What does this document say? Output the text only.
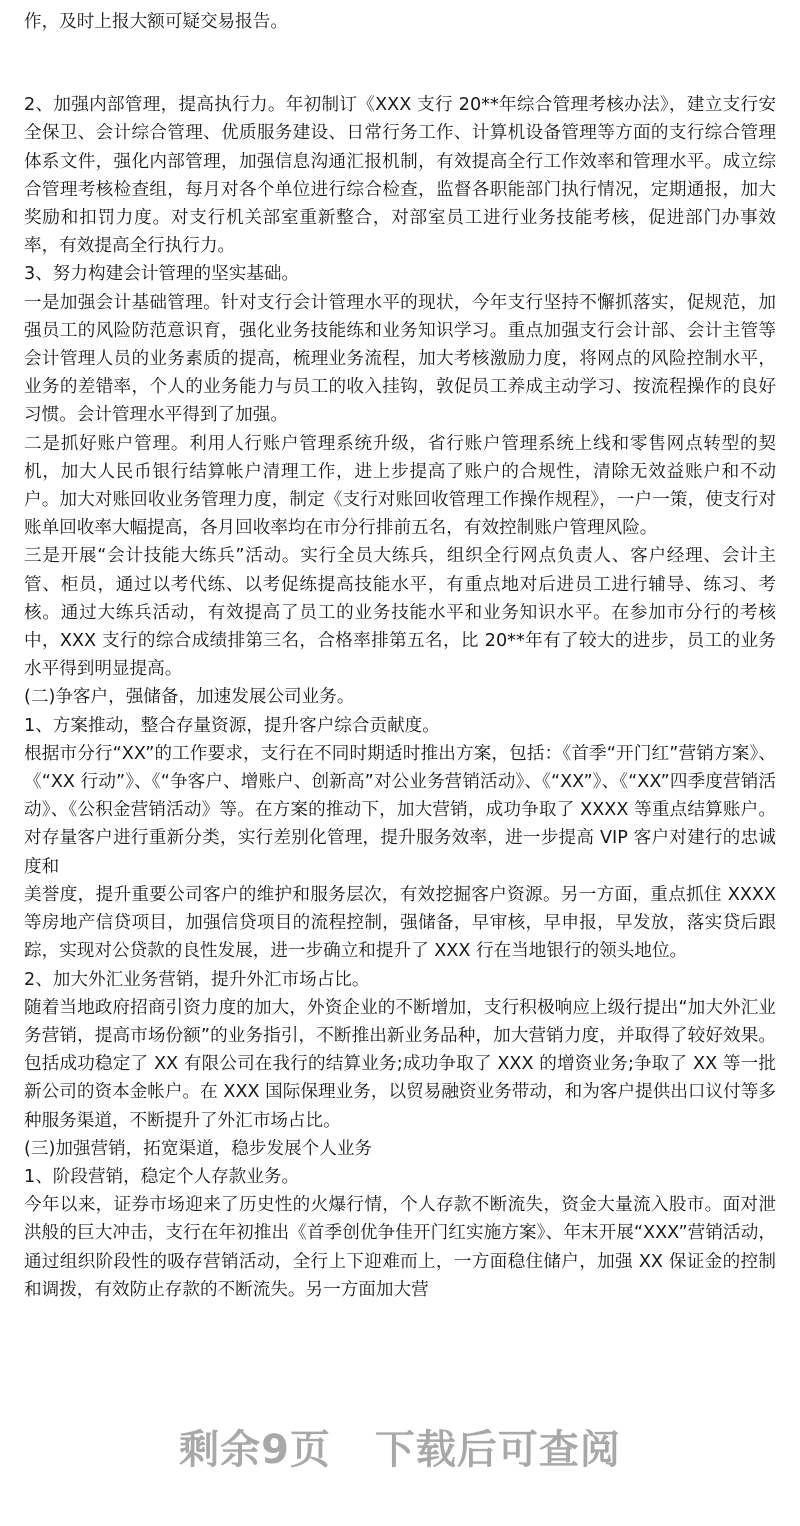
作，及时上报大额可疑交易报告。

2、加强内部管理，提高执行力。年初制订《XXX 支行 20**年综合管理考核办法》，建立支行安全保卫、会计综合管理、优质服务建设、日常行务工作、计算机设备管理等方面的支行综合管理体系文件，强化内部管理，加强信息沟通汇报机制，有效提高全行工作效率和管理水平。成立综合管理考核检查组，每月对各个单位进行综合检查，监督各职能部门执行情况，定期通报，加大奖励和扣罚力度。对支行机关部室重新整合，对部室员工进行业务技能考核，促进部门办事效率，有效提高全行执行力。

3、努力构建会计管理的坚实基础。

一是加强会计基础管理。针对支行会计管理水平的现状，今年支行坚持不懈抓落实，促规范，加强员工的风险防范意识育，强化业务技能练和业务知识学习。重点加强支行会计部、会计主管等会计管理人员的业务素质的提高，梳理业务流程，加大考核激励力度，将网点的风险控制水平，业务的差错率，个人的业务能力与员工的收入挂钩，敦促员工养成主动学习、按流程操作的良好习惯。会计管理水平得到了加强。

二是抓好账户管理。利用人行账户管理系统升级，省行账户管理系统上线和零售网点转型的契机，加大人民币银行结算帐户清理工作，进上步提高了账户的合规性，清除无效益账户和不动户。加大对账回收业务管理力度，制定《支行对账回收管理工作操作规程》，一户一策，使支行对账单回收率大幅提高，各月回收率均在市分行排前五名，有效控制账户管理风险。

三是开展“会计技能大练兵”活动。实行全员大练兵，组织全行网点负责人、客户经理、会计主管、柜员，通过以考代练、以考促练提高技能水平，有重点地对后进员工进行辅导、练习、考核。通过大练兵活动，有效提高了员工的业务技能水平和业务知识水平。在参加市分行的考核中，XXX 支行的综合成绩排第三名，合格率排第五名，比 20**年有了较大的进步，员工的业务水平得到明显提高。

(二)争客户，强储备，加速发展公司业务。

1、方案推动，整合存量资源，提升客户综合贡献度。

根据市分行“XX”的工作要求，支行在不同时期适时推出方案，包括：《首季“开门红”营销方案》、《“XX 行动”》、《“争客户、增账户、创新高”对公业务营销活动》、《“XX”》、《“XX”四季度营销活动》、《公积金营销活动》等。在方案的推动下，加大营销，成功争取了 XXXX 等重点结算账户。对存量客户进行重新分类，实行差别化管理，提升服务效率，进一步提高 VIP 客户对建行的忠诚度和

美誉度，提升重要公司客户的维护和服务层次，有效挖掘客户资源。另一方面，重点抓住 XXXX 等房地产信贷项目，加强信贷项目的流程控制，强储备，早审核，早申报，早发放，落实贷后跟踪，实现对公贷款的良性发展，进一步确立和提升了 XXX 行在当地银行的领头地位。

2、加大外汇业务营销，提升外汇市场占比。

随着当地政府招商引资力度的加大，外资企业的不断增加，支行积极响应上级行提出“加大外汇业务营销，提高市场份额”的业务指引，不断推出新业务品种，加大营销力度，并取得了较好效果。包括成功稳定了 XX 有限公司在我行的结算业务;成功争取了 XXX 的增资业务;争取了 XX 等一批新公司的资本金帐户。在 XXX 国际保理业务，以贸易融资业务带动，和为客户提供出口议付等多种服务渠道，不断提升了外汇市场占比。

(三)加强营销，拓宽渠道，稳步发展个人业务

1、阶段营销，稳定个人存款业务。

今年以来，证券市场迎来了历史性的火爆行情，个人存款不断流失，资金大量流入股市。面对泄洪般的巨大冲击，支行在年初推出《首季创优争佳开门红实施方案》、年末开展“XXX”营销活动，通过组织阶段性的吸存营销活动，全行上下迎难而上，一方面稳住储户，加强 XX 保证金的控制和调拨，有效防止存款的不断流失。另一方面加大营

剩余9页 下载后可查阅
